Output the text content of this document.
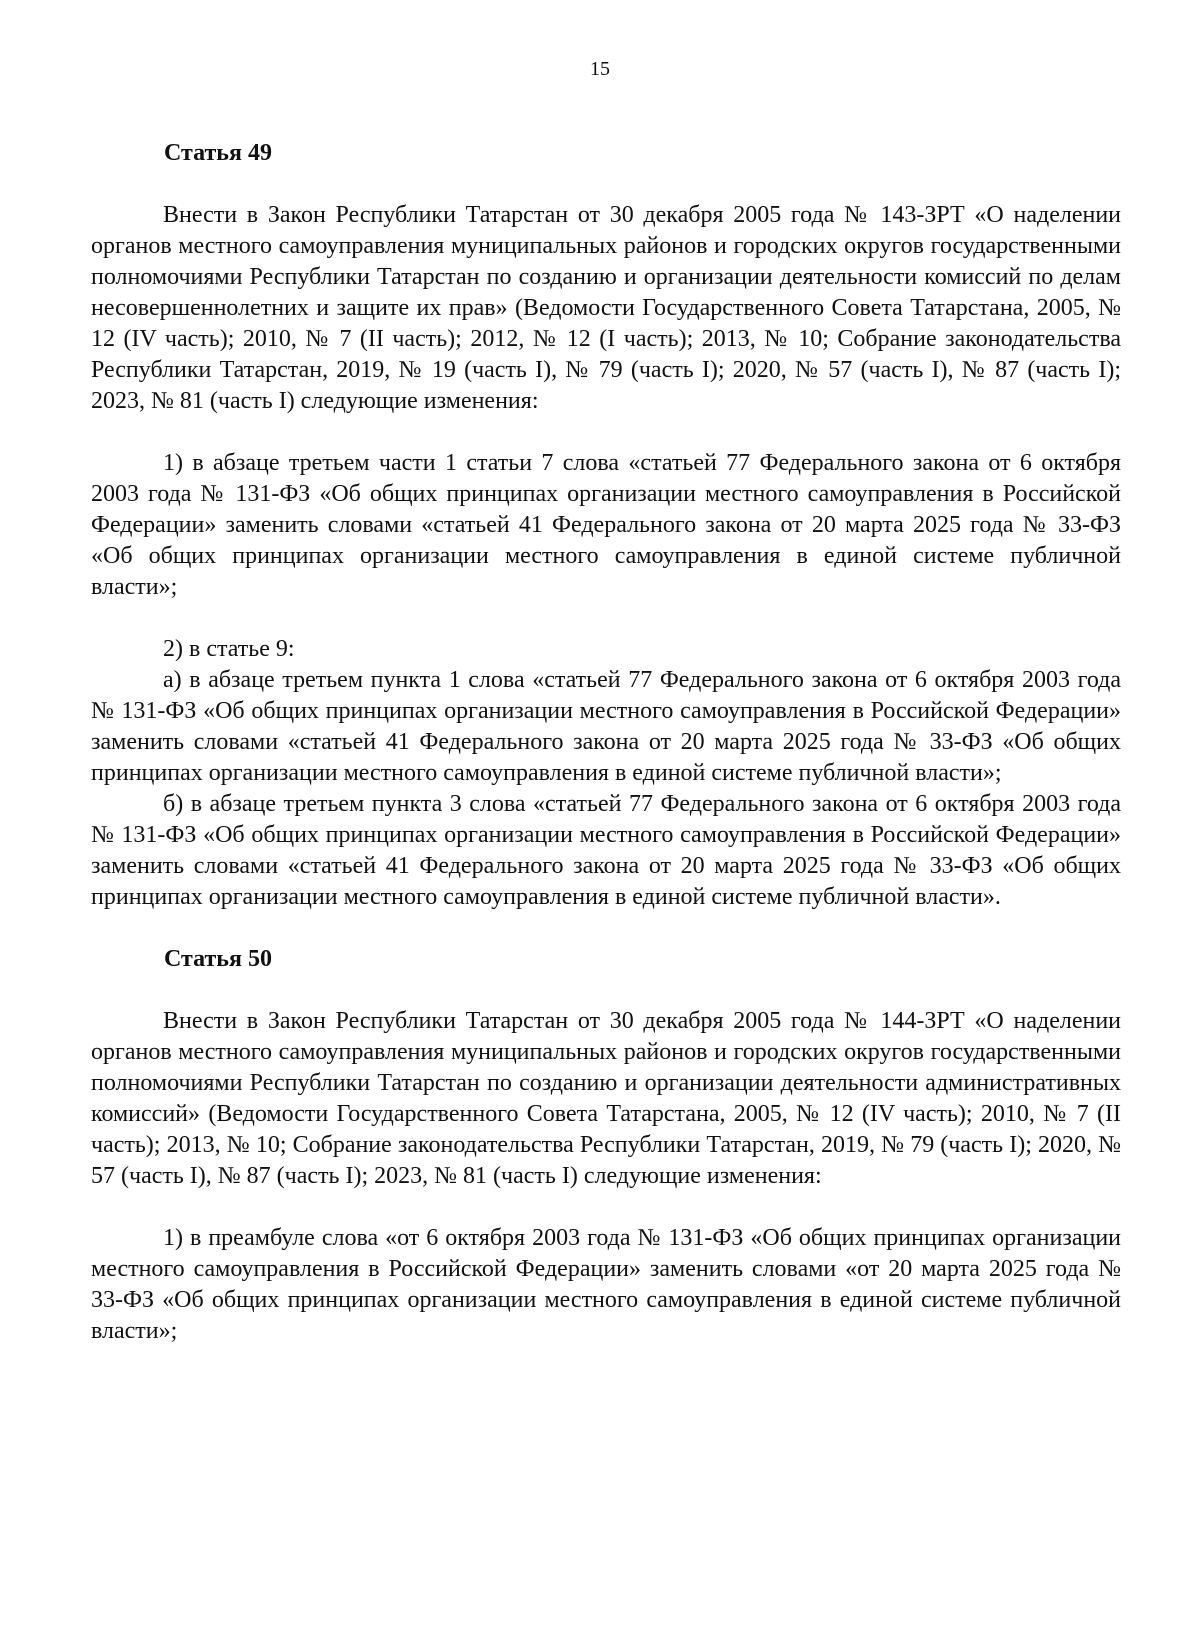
15

Статья 49

Внести в Закон Республики Татарстан от 30 декабря 2005 года № 143-ЗРТ «О наделении органов местного самоуправления муниципальных районов и городских округов государственными полномочиями Республики Татарстан по созданию и организации деятельности комиссий по делам несовершеннолетних и защите их прав» (Ведомости Государственного Совета Татарстана, 2005, № 12 (IV часть); 2010, № 7 (II часть); 2012, № 12 (I часть); 2013, № 10; Собрание законодательства Республики Татарстан, 2019, № 19 (часть I), № 79 (часть I); 2020, № 57 (часть I), № 87 (часть I); 2023, № 81 (часть I) следующие изменения:

1) в абзаце третьем части 1 статьи 7 слова «статьей 77 Федерального закона от 6 октября 2003 года № 131-ФЗ «Об общих принципах организации местного самоуправления в Российской Федерации» заменить словами «статьей 41 Федерального закона от 20 марта 2025 года № 33-ФЗ «Об общих принципах организации местного самоуправления в единой системе публичной власти»;

2) в статье 9:

а) в абзаце третьем пункта 1 слова «статьей 77 Федерального закона от 6 октября 2003 года № 131-ФЗ «Об общих принципах организации местного самоуправления в Российской Федерации» заменить словами «статьей 41 Федерального закона от 20 марта 2025 года № 33-ФЗ «Об общих принципах организации местного самоуправления в единой системе публичной власти»;

б) в абзаце третьем пункта 3 слова «статьей 77 Федерального закона от 6 октября 2003 года № 131-ФЗ «Об общих принципах организации местного самоуправления в Российской Федерации» заменить словами «статьей 41 Федерального закона от 20 марта 2025 года № 33-ФЗ «Об общих принципах организации местного самоуправления в единой системе публичной власти».

Статья 50

Внести в Закон Республики Татарстан от 30 декабря 2005 года № 144-ЗРТ «О наделении органов местного самоуправления муниципальных районов и городских округов государственными полномочиями Республики Татарстан по созданию и организации деятельности административных комиссий» (Ведомости Государственного Совета Татарстана, 2005, № 12 (IV часть); 2010, № 7 (II часть); 2013, № 10; Собрание законодательства Республики Татарстан, 2019, № 79 (часть I); 2020, № 57 (часть I), № 87 (часть I); 2023, № 81 (часть I) следующие изменения:

1) в преамбуле слова «от 6 октября 2003 года № 131-ФЗ «Об общих принципах организации местного самоуправления в Российской Федерации» заменить словами «от 20 марта 2025 года № 33-ФЗ «Об общих принципах организации местного самоуправления в единой системе публичной власти»;
